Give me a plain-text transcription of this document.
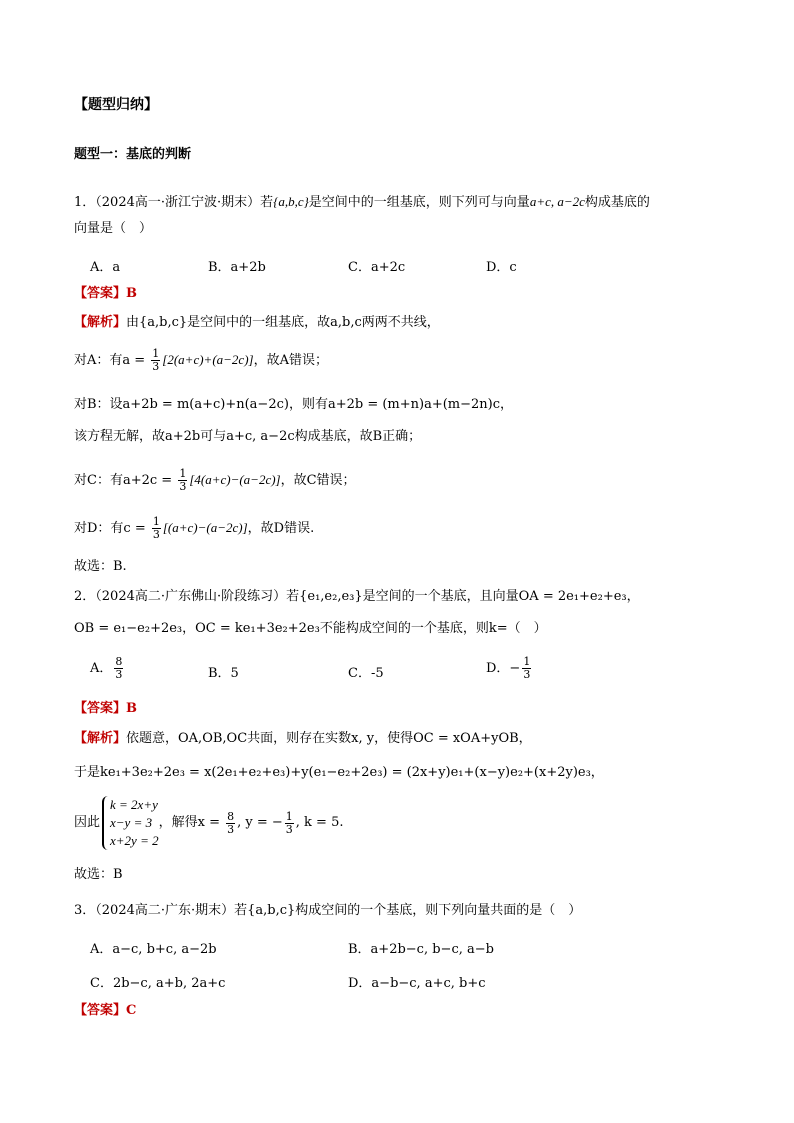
【题型归纳】
题型一：基底的判断
1．（2024高一·浙江宁波·期末）若{a,b,c}是空间中的一组基底，则下列可与向量a+c, a−2c构成基底的
向量是（　）
A．a	B．a+2b	C．a+2c	D．c
【答案】B
【解析】由{a,b,c}是空间中的一组基底，故a,b,c两两不共线，
对A：有$a = \frac{1}{3} [2(a+c)+(a-2c)]$，故A错误；
对B：设a+2b = m(a+c)+n(a−2c)，则有a+2b = (m+n)a+(m−2n)c，
该方程无解，故a+2b可与a+c, a−2c构成基底，故B正确；
对C：有$a+2c = \frac{1}{3} [4(a+c)-(a-2c)]$，故C错误；
对D：有$c = \frac{1}{3} [(a+c)-(a-2c)]$，故D错误.
故选：B.
2．（2024高二·广东佛山·阶段练习）若{e₁,e₂,e₃}是空间的一个基底，且向量OA = 2e₁+e₂+e₃，
OB = e₁−e₂+2e₃，OC = ke₁+3e₂+2e₃不能构成空间的一个基底，则k=（　）
A． $\frac{8}{3}$	B．5	C．-5	D．− $\frac{1}{3}$
【答案】B
【解析】依题意，OA,OB,OC共面，则存在实数x, y，使得OC = xOA+yOB，
于是ke₁+3e₂+2e₃ = x(2e₁+e₂+e₃)+y(e₁−e₂+2e₃) = (2x+y)e₁+(x−y)e₂+(x+2y)e₃，
因此
k = 2x+y
x−y = 3
x+2y = 2
，解得$x = \frac{8}{3}$ , y = − $\frac{1}{3}$ , k = 5.
故选：B
3．（2024高二·广东·期末）若{a,b,c}构成空间的一个基底，则下列向量共面的是（　）
A．a−c, b+c, a−2b	B．a+2b−c, b−c, a−b
C．2b−c, a+b, 2a+c	D．a−b−c, a+c, b+c
【答案】C
